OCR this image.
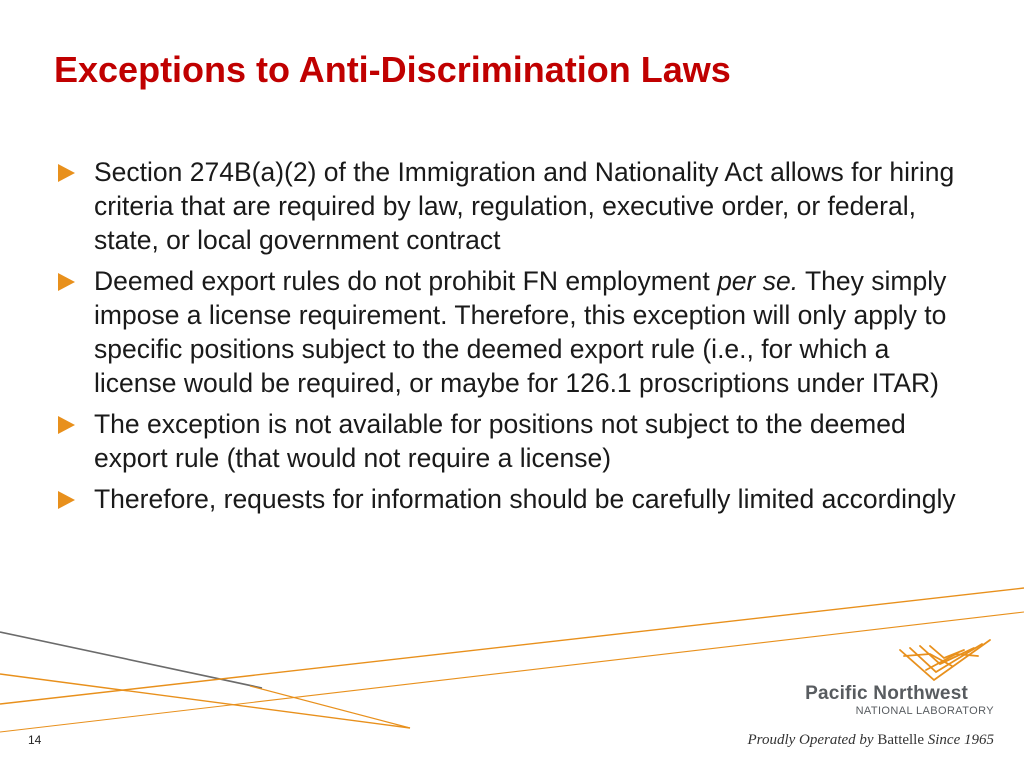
Exceptions to Anti-Discrimination Laws
Section 274B(a)(2) of the Immigration and Nationality Act allows for hiring criteria that are required by law, regulation, executive order, or federal, state, or local government contract
Deemed export rules do not prohibit FN employment per se. They simply impose a license requirement. Therefore, this exception will only apply to specific positions subject to the deemed export rule (i.e., for which a license would be required, or maybe for 126.1 proscriptions under ITAR)
The exception is not available for positions not subject to the deemed export rule (that would not require a license)
Therefore, requests for information should be carefully limited accordingly
14
Pacific Northwest
NATIONAL LABORATORY
Proudly Operated by Battelle Since 1965
